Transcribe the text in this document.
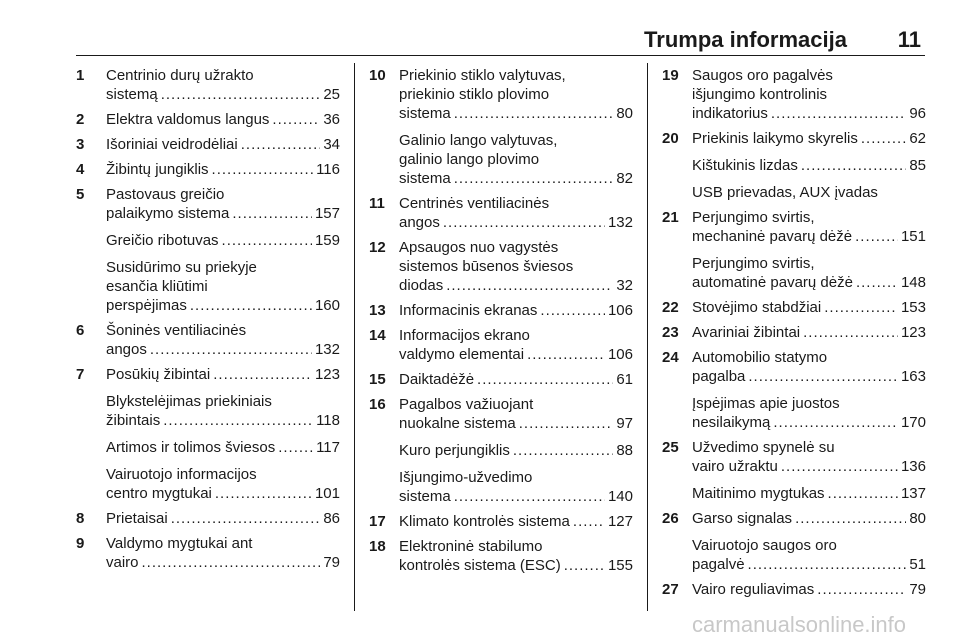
Trumpa informacija 11
1 Centrinio durų užrakto
sistemą .....	25
2 Elektra valdomus langus .....	36
3 Išoriniai veidrodėliai .....	34
4 Žibintų jungiklis .....	116
5 Pastovaus greičio
palaikymo sistema .....	157
Greičio ribotuvas .....	159
Susidūrimo su priekyje
esančia kliūtimi
perspėjimas .....	160
6 Šoninės ventiliacinės
angos .....	132
7 Posūkių žibintai .....	123
Blykstelėjimas priekiniais
žibintais .....	118
Artimos ir tolimos šviesos .....	117
Vairuotojo informacijos
centro mygtukai .....	101
8 Prietaisai .....	86
9 Valdymo mygtukai ant
vairo .....	79
10 Priekinio stiklo valytuvas,
priekinio stiklo plovimo
sistema .....	80
Galinio lango valytuvas,
galinio lango plovimo
sistema .....	82
11 Centrinės ventiliacinės
angos .....	132
12 Apsaugos nuo vagystės
sistemos būsenos šviesos
diodas .....	32
13 Informacinis ekranas .....	106
14 Informacijos ekrano
valdymo elementai .....	106
15 Daiktadėžė .....	61
16 Pagalbos važiuojant
nuokalne sistema .....	97
Kuro perjungiklis .....	88
Išjungimo-užvedimo
sistema .....	140
17 Klimato kontrolės sistema .....	127
18 Elektroninė stabilumo
kontrolės sistema (ESC) .....	155
19 Saugos oro pagalvės
išjungimo kontrolinis
indikatorius .....	96
20 Priekinis laikymo skyrelis .....	62
Kištukinis lizdas .....	85
USB prievadas, AUX įvadas
21 Perjungimo svirtis,
mechaninė pavarų dėžė .....	151
Perjungimo svirtis,
automatinė pavarų dėžė .....	148
22 Stovėjimo stabdžiai .....	153
23 Avariniai žibintai .....	123
24 Automobilio statymo
pagalba .....	163
Įspėjimas apie juostos
nesilaikymą .....	170
25 Užvedimo spynelė su
vairo užraktu .....	136
Maitinimo mygtukas .....	137
26 Garso signalas .....	80
Vairuotojo saugos oro
pagalvė .....	51
27 Vairo reguliavimas .....	79
carmanualsonline.info
